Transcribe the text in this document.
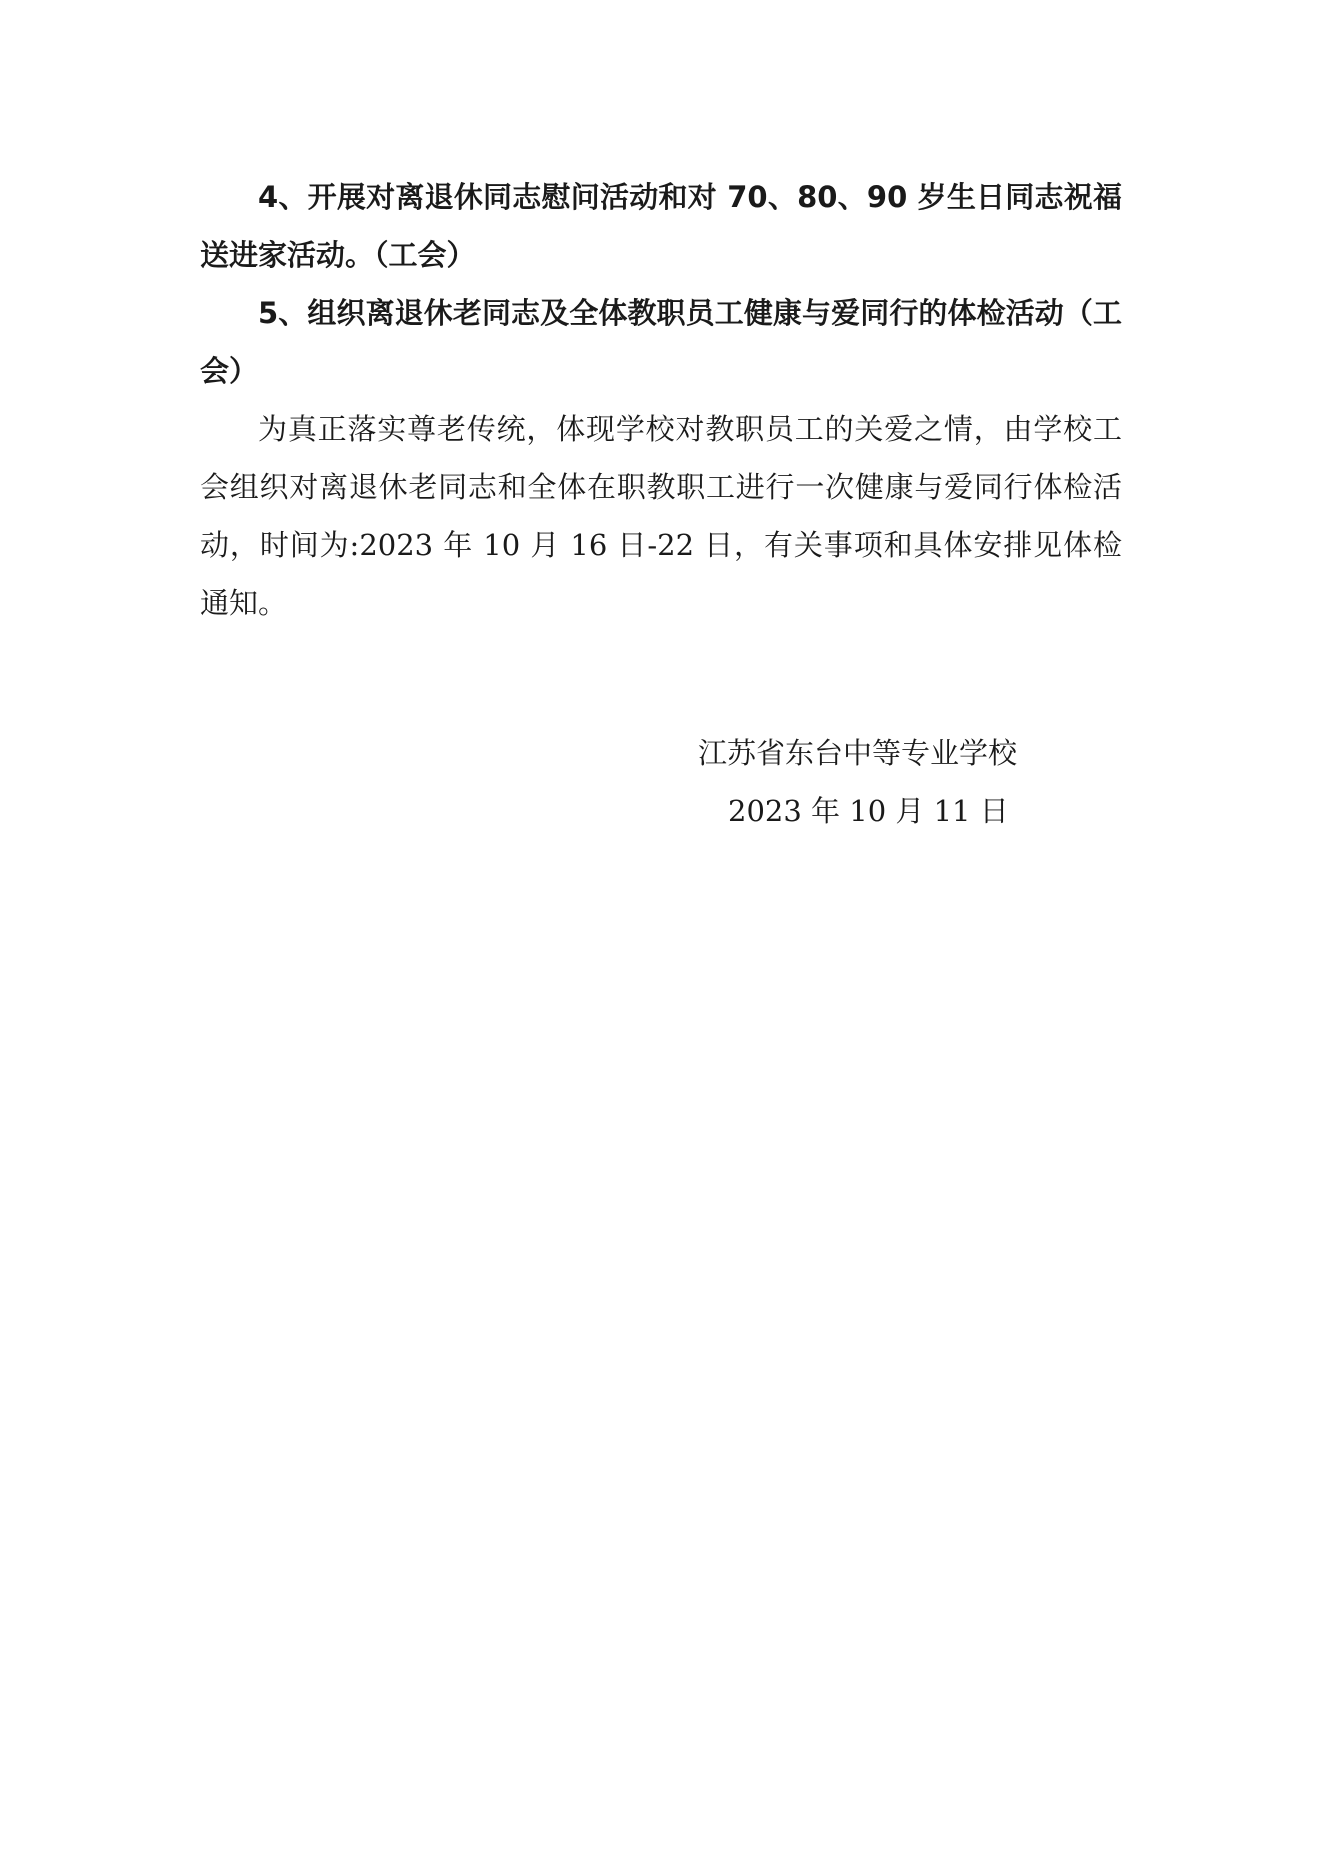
4、开展对离退休同志慰问活动和对 70、80、90 岁生日同志祝福送进家活动。（工会）

5、组织离退休老同志及全体教职员工健康与爱同行的体检活动（工会）

为真正落实尊老传统，体现学校对教职员工的关爱之情，由学校工会组织对离退休老同志和全体在职教职工进行一次健康与爱同行体检活动，时间为:2023 年 10 月 16 日-22 日，有关事项和具体安排见体检通知。

江苏省东台中等专业学校
2023 年 10 月 11 日
